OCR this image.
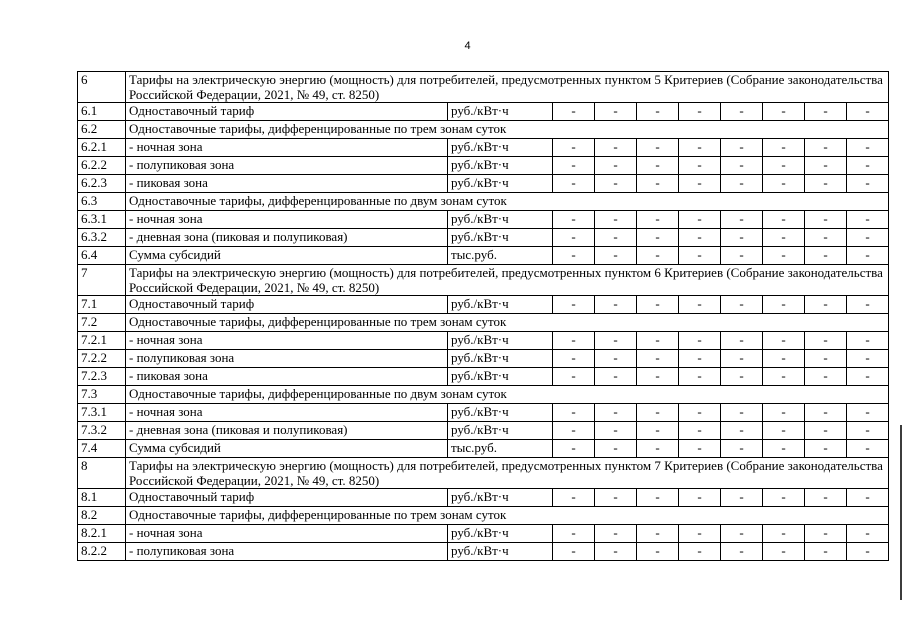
4
6	Тарифы на электрическую энергию (мощность) для потребителей, предусмотренных пунктом 5 Критериев (Собрание законодательства Российской Федерации, 2021, № 49, ст. 8250)									
6.1	Одноставочный тариф	руб./кВт·ч	-	-	-	-	-	-	-	-
6.2	Одноставочные тарифы, дифференцированные по трем зонам суток									
6.2.1	- ночная зона	руб./кВт·ч	-	-	-	-	-	-	-	-
6.2.2	- полупиковая зона	руб./кВт·ч	-	-	-	-	-	-	-	-
6.2.3	- пиковая зона	руб./кВт·ч	-	-	-	-	-	-	-	-
6.3	Одноставочные тарифы, дифференцированные по двум зонам суток									
6.3.1	- ночная зона	руб./кВт·ч	-	-	-	-	-	-	-	-
6.3.2	- дневная зона (пиковая и полупиковая)	руб./кВт·ч	-	-	-	-	-	-	-	-
6.4	Сумма субсидий	тыс.руб.	-	-	-	-	-	-	-	-
7	Тарифы на электрическую энергию (мощность) для потребителей, предусмотренных пунктом 6 Критериев (Собрание законодательства Российской Федерации, 2021, № 49, ст. 8250)									
7.1	Одноставочный тариф	руб./кВт·ч	-	-	-	-	-	-	-	-
7.2	Одноставочные тарифы, дифференцированные по трем зонам суток									
7.2.1	- ночная зона	руб./кВт·ч	-	-	-	-	-	-	-	-
7.2.2	- полупиковая зона	руб./кВт·ч	-	-	-	-	-	-	-	-
7.2.3	- пиковая зона	руб./кВт·ч	-	-	-	-	-	-	-	-
7.3	Одноставочные тарифы, дифференцированные по двум зонам суток									
7.3.1	- ночная зона	руб./кВт·ч	-	-	-	-	-	-	-	-
7.3.2	- дневная зона (пиковая и полупиковая)	руб./кВт·ч	-	-	-	-	-	-	-	-
7.4	Сумма субсидий	тыс.руб.	-	-	-	-	-	-	-	-
8	Тарифы на электрическую энергию (мощность) для потребителей, предусмотренных пунктом 7 Критериев (Собрание законодательства Российской Федерации, 2021, № 49, ст. 8250)									
8.1	Одноставочный тариф	руб./кВт·ч	-	-	-	-	-	-	-	-
8.2	Одноставочные тарифы, дифференцированные по трем зонам суток									
8.2.1	- ночная зона	руб./кВт·ч	-	-	-	-	-	-	-	-
8.2.2	- полупиковая зона	руб./кВт·ч	-	-	-	-	-	-	-	-
